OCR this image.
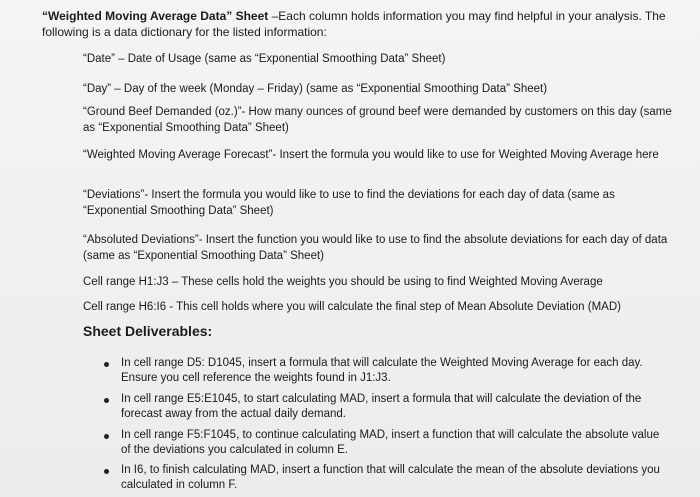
“Weighted Moving Average Data” Sheet –Each column holds information you may find helpful in your analysis. The following is a data dictionary for the listed information:
“Date” – Date of Usage (same as “Exponential Smoothing Data” Sheet)
“Day” – Day of the week (Monday – Friday) (same as “Exponential Smoothing Data” Sheet)
“Ground Beef Demanded (oz.)”- How many ounces of ground beef were demanded by customers on this day (same as “Exponential Smoothing Data” Sheet)
“Weighted Moving Average Forecast”- Insert the formula you would like to use for Weighted Moving Average here
“Deviations”- Insert the formula you would like to use to find the deviations for each day of data (same as “Exponential Smoothing Data” Sheet)
“Absoluted Deviations”- Insert the function you would like to use to find the absolute deviations for each day of data (same as “Exponential Smoothing Data” Sheet)
Cell range H1:J3 – These cells hold the weights you should be using to find Weighted Moving Average
Cell range H6:I6 - This cell holds where you will calculate the final step of Mean Absolute Deviation (MAD)
Sheet Deliverables:
In cell range D5: D1045, insert a formula that will calculate the Weighted Moving Average for each day. Ensure you cell reference the weights found in J1:J3.
In cell range E5:E1045, to start calculating MAD, insert a formula that will calculate the deviation of the forecast away from the actual daily demand.
In cell range F5:F1045, to continue calculating MAD, insert a function that will calculate the absolute value of the deviations you calculated in column E.
In I6, to finish calculating MAD, insert a function that will calculate the mean of the absolute deviations you calculated in column F.
